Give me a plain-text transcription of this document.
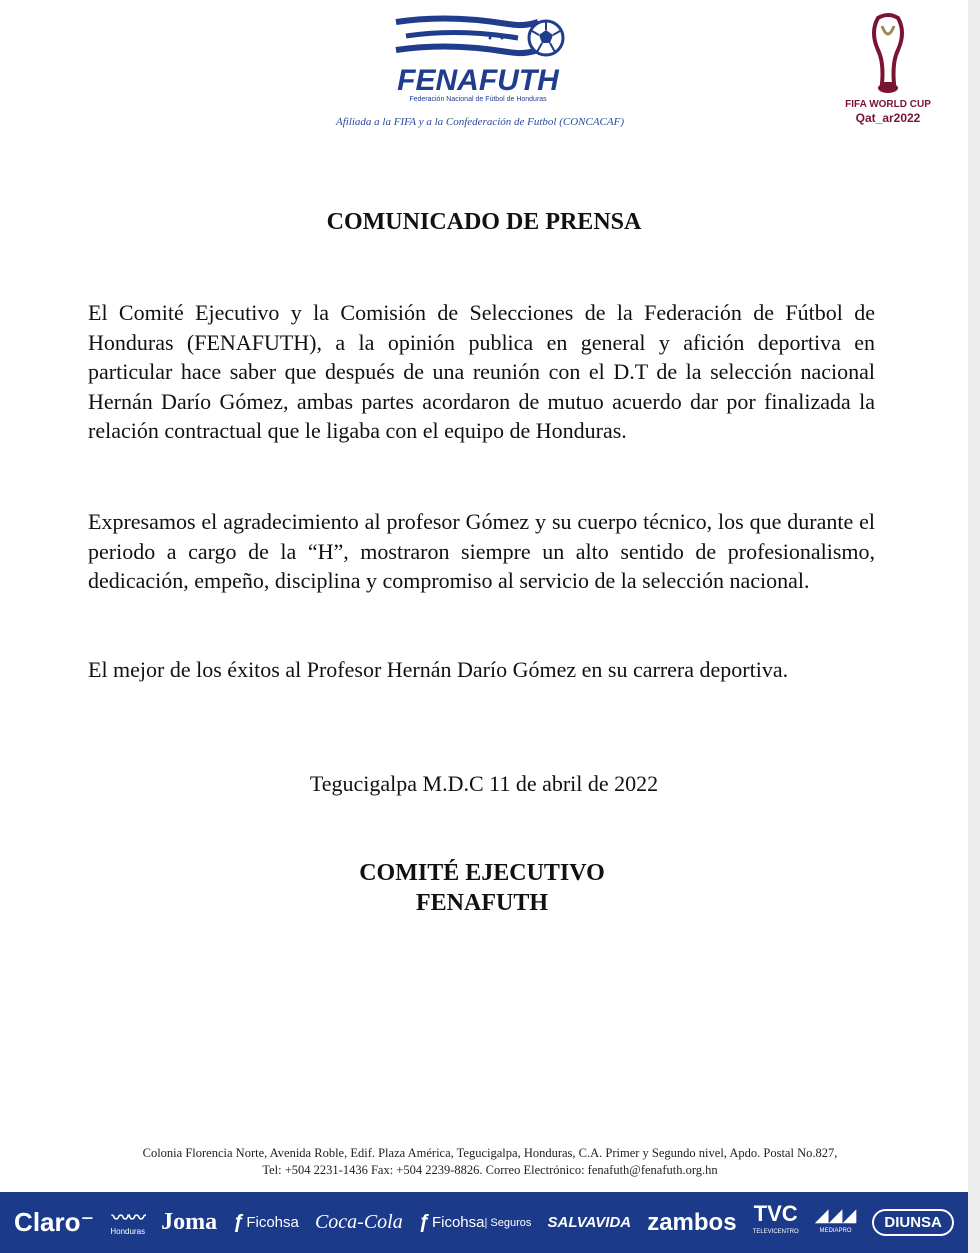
FENAFUTH
Federación Nacional de Fútbol de Honduras
Afiliada a la FIFA y a la Confederación de Futbol (CONCACAF)
FIFA WORLD CUP
Qat_ar2022
COMUNICADO DE PRENSA

El Comité Ejecutivo y la Comisión de Selecciones de la Federación de Fútbol de Honduras (FENAFUTH), a la opinión publica en general y afición deportiva en particular hace saber que después de una reunión con el D.T de la selección nacional Hernán Darío Gómez, ambas partes acordaron de mutuo acuerdo dar por finalizada la relación contractual que le ligaba con el equipo de Honduras.

Expresamos el agradecimiento al profesor Gómez y su cuerpo técnico, los que durante el periodo a cargo de la “H”, mostraron siempre un alto sentido de profesionalismo, dedicación, empeño, disciplina y compromiso al servicio de la selección nacional.

El mejor de los éxitos al Profesor Hernán Darío Gómez en su carrera deportiva.

Tegucigalpa M.D.C 11 de abril de 2022
COMITÉ EJECUTIVO
FENAFUTH
Colonia Florencia Norte, Avenida Roble, Edif. Plaza América, Tegucigalpa, Honduras, C.A. Primer y Segundo nivel, Apdo. Postal No.827,
Tel: +504 2231-1436 Fax: +504 2239-8826. Correo Electrónico: fenafuth@fenafuth.org.hn
Claro ⁻ 〰〰
Honduras Joma ƒ Ficohsa Coca-Cola ƒ Ficohsa | Seguros SALVAVIDA zambos TVC
TELEVICENTRO
◢◢◢
MEDIAPRO	DIUNSA
